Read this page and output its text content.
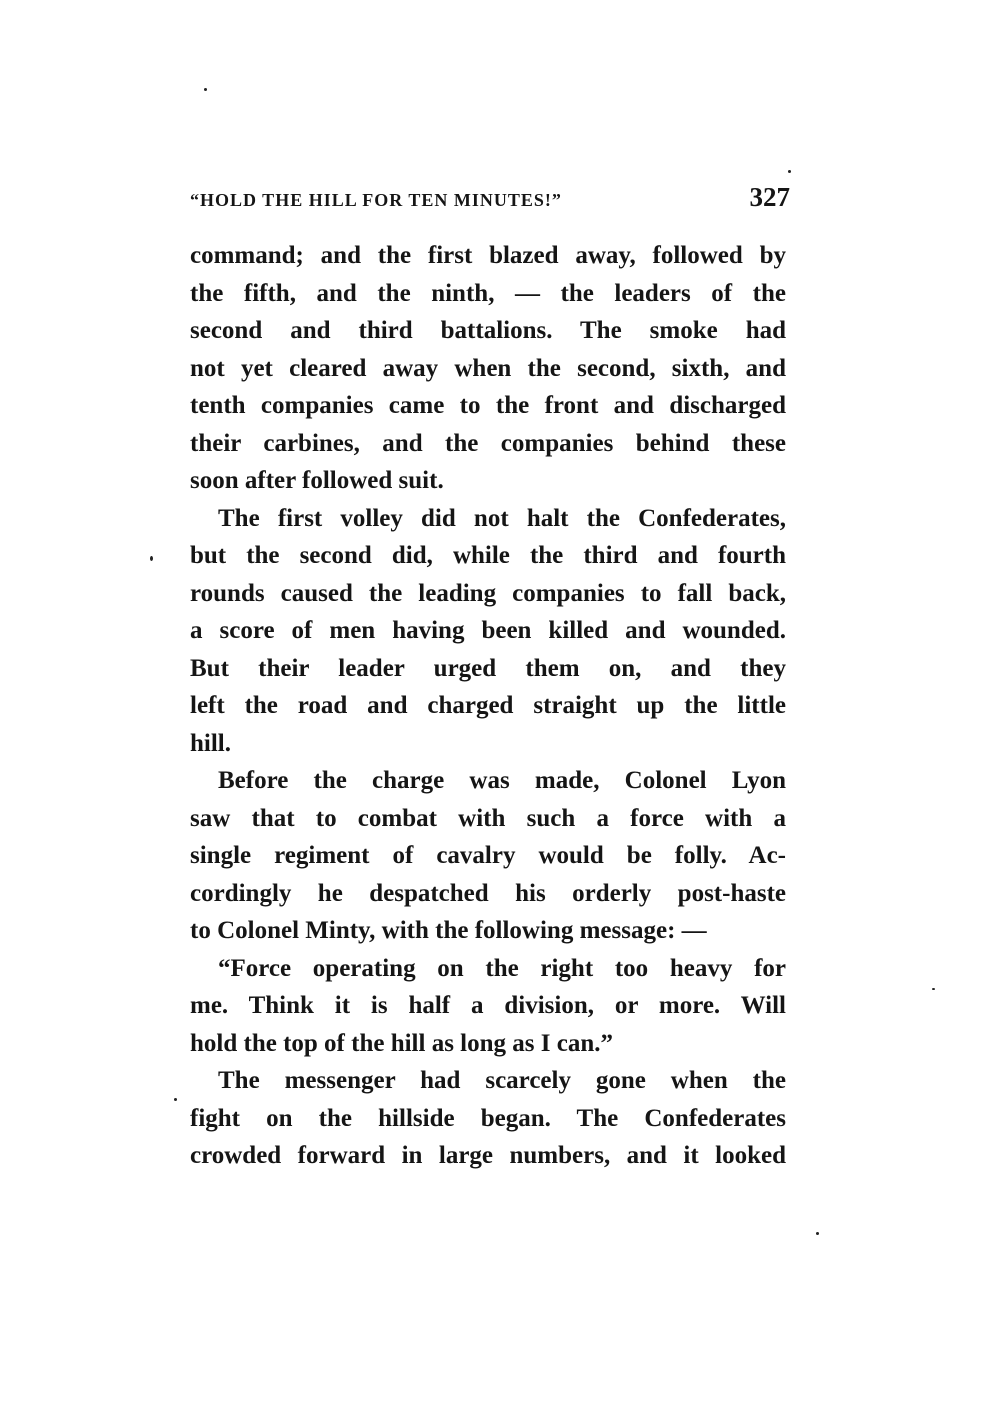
“HOLD THE HILL FOR TEN MINUTES!”	327
command; and the first blazed away, followed by
the fifth, and the ninth, — the leaders of the
second and third battalions. The smoke had
not yet cleared away when the second, sixth, and
tenth companies came to the front and discharged
their carbines, and the companies behind these
soon after followed suit.
The first volley did not halt the Confederates,
but the second did, while the third and fourth
rounds caused the leading companies to fall back,
a score of men having been killed and wounded.
But their leader urged them on, and they
left the road and charged straight up the little
hill.
Before the charge was made, Colonel Lyon
saw that to combat with such a force with a
single regiment of cavalry would be folly. Ac-
cordingly he despatched his orderly post-haste
to Colonel Minty, with the following message: —
“Force operating on the right too heavy for
me. Think it is half a division, or more. Will
hold the top of the hill as long as I can.”
The messenger had scarcely gone when the
fight on the hillside began. The Confederates
crowded forward in large numbers, and it looked
